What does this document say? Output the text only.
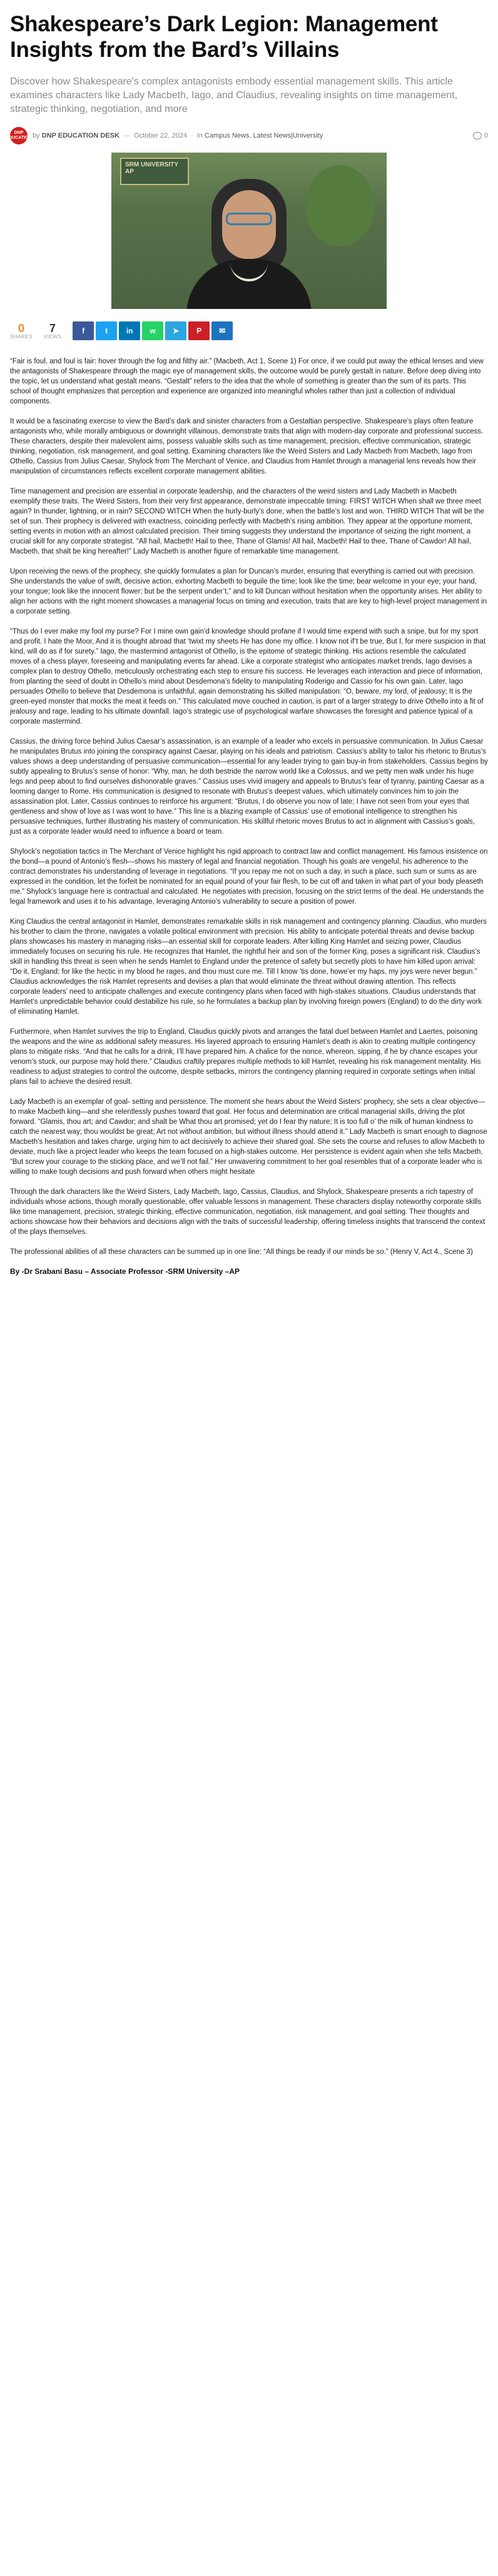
Shakespeare’s Dark Legion: Management Insights from the Bard’s Villains

Discover how Shakespeare's complex antagonists embody essential management skills. This article examines characters like Lady Macbeth, Iago, and Claudius, revealing insights on time management, strategic thinking, negotiation, and more

DNP EDUCATION by
DNP EDUCATION DESK — October 22, 2024 · In
Campus News, Latest News|University	0
SRM UNIVERSITY AP
0
SHARES
7
VIEWS
f	t in w ➤ P ✉

“Fair is foul, and foul is fair: hover through the fog and filthy air.” (Macbeth, Act 1, Scene 1) For once, if we could put away the ethical lenses and view the antagonists of Shakespeare through the magic eye of management skills, the outcome would be purely gestalt in nature. Before deep diving into the topic, let us understand what gestalt means. “Gestalt” refers to the idea that the whole of something is greater than the sum of its parts. This school of thought emphasizes that perception and experience are organized into meaningful wholes rather than just a collection of individual components.

It would be a fascinating exercise to view the Bard’s dark and sinister characters from a Gestaltian perspective. Shakespeare’s plays often feature antagonists who, while morally ambiguous or downright villainous, demonstrate traits that align with modern-day corporate and professional success. These characters, despite their malevolent aims, possess valuable skills such as time management, precision, effective communication, strategic thinking, negotiation, risk management, and goal setting. Examining characters like the Weird Sisters and Lady Macbeth from Macbeth, Iago from Othello, Cassius from Julius Caesar, Shylock from The Merchant of Venice, and Claudius from Hamlet through a managerial lens reveals how their manipulation of circumstances reflects excellent corporate management abilities.

Time management and precision are essential in corporate leadership, and the characters of the weird sisters and Lady Macbeth in Macbeth exemplify these traits. The Weird Sisters, from their very first appearance, demonstrate impeccable timing: FIRST WITCH When shall we three meet again? In thunder, lightning, or in rain? SECOND WITCH When the hurly-burly’s done, when the battle’s lost and won. THIRD WITCH That will be the set of sun. Their prophecy is delivered with exactness, coinciding perfectly with Macbeth’s rising ambition. They appear at the opportune moment, setting events in motion with an almost calculated precision. Their timing suggests they understand the importance of seizing the right moment, a crucial skill for any corporate strategist. “All hail, Macbeth! Hail to thee, Thane of Glamis! All hail, Macbeth! Hail to thee, Thane of Cawdor! All hail, Macbeth, that shalt be king hereafter!” Lady Macbeth is another figure of remarkable time management.

Upon receiving the news of the prophecy, she quickly formulates a plan for Duncan’s murder, ensuring that everything is carried out with precision. She understands the value of swift, decisive action, exhorting Macbeth to beguile the time; look like the time; bear welcome in your eye; your hand, your tongue; look like the innocent flower; but be the serpent under’t,” and to kill Duncan without hesitation when the opportunity arises. Her ability to align her actions with the right moment showcases a managerial focus on timing and execution, traits that are key to high-level project management in a corporate setting.

“Thus do I ever make my fool my purse? For I mine own gain’d knowledge should profane if I would time expend with such a snipe, but for my sport and profit. I hate the Moor, And it is thought abroad that ’twixt my sheets He has done my office. I know not if’t be true, But I, for mere suspicion in that kind, will do as if for surety.” Iago, the mastermind antagonist of Othello, is the epitome of strategic thinking. His actions resemble the calculated moves of a chess player, foreseeing and manipulating events far ahead. Like a corporate strategist who anticipates market trends, Iago devises a complex plan to destroy Othello, meticulously orchestrating each step to ensure his success. He leverages each interaction and piece of information, from planting the seed of doubt in Othello’s mind about Desdemona’s fidelity to manipulating Roderigo and Cassio for his own gain. Later, Iago persuades Othello to believe that Desdemona is unfaithful, again demonstrating his skilled manipulation: “O, beware, my lord, of jealousy; It is the green-eyed monster that mocks the meat it feeds on.” This calculated move couched in caution, is part of a larger strategy to drive Othello into a fit of jealousy and rage, leading to his ultimate downfall. Iago’s strategic use of psychological warfare showcases the foresight and patience typical of a corporate mastermind.

Cassius, the driving force behind Julius Caesar’s assassination, is an example of a leader who excels in persuasive communication. In Julius Caesar he manipulates Brutus into joining the conspiracy against Caesar, playing on his ideals and patriotism. Cassius’s ability to tailor his rhetoric to Brutus’s values shows a deep understanding of persuasive communication—essential for any leader trying to gain buy-in from stakeholders. Cassius begins by subtly appealing to Brutus’s sense of honor: “Why, man, he doth bestride the narrow world like a Colossus, and we petty men walk under his huge legs and peep about to find ourselves dishonorable graves.” Cassius uses vivid imagery and appeals to Brutus’s fear of tyranny, painting Caesar as a looming danger to Rome. His communication is designed to resonate with Brutus’s deepest values, which ultimately convinces him to join the assassination plot. Later, Cassius continues to reinforce his argument: “Brutus, I do observe you now of late; I have not seen from your eyes that gentleness and show of love as I was wont to have.” This line is a blazing example of Cassius’ use of emotional intelligence to strengthen his persuasive techniques, further illustrating his mastery of communication. His skillful rhetoric moves Brutus to act in alignment with Cassius’s goals, just as a corporate leader would need to influence a board or team.

Shylock’s negotiation tactics in The Merchant of Venice highlight his rigid approach to contract law and conflict management. His famous insistence on the bond—a pound of Antonio’s flesh—shows his mastery of legal and financial negotiation. Though his goals are vengeful, his adherence to the contract demonstrates his understanding of leverage in negotiations. “If you repay me not on such a day, in such a place, such sum or sums as are expressed in the condition, let the forfeit be nominated for an equal pound of your fair flesh, to be cut off and taken in what part of your body pleaseth me.” Shylock’s language here is contractual and calculated. He negotiates with precision, focusing on the strict terms of the deal. He understands the legal framework and uses it to his advantage, leveraging Antonio’s vulnerability to secure a position of power.

King Claudius the central antagonist in Hamlet, demonstrates remarkable skills in risk management and contingency planning. Claudius, who murders his brother to claim the throne, navigates a volatile political environment with precision. His ability to anticipate potential threats and devise backup plans showcases his mastery in managing risks—an essential skill for corporate leaders. After killing King Hamlet and seizing power, Claudius immediately focuses on securing his rule. He recognizes that Hamlet, the rightful heir and son of the former King, poses a significant risk. Claudius’s skill in handling this threat is seen when he sends Hamlet to England under the pretence of safety but secretly plots to have him killed upon arrival: “Do it, England; for like the hectic in my blood he rages, and thou must cure me. Till I know ’tis done, howe’er my haps, my joys were never begun.” Claudius acknowledges the risk Hamlet represents and devises a plan that would eliminate the threat without drawing attention. This reflects corporate leaders’ need to anticipate challenges and execute contingency plans when faced with high-stakes situations. Claudius understands that Hamlet’s unpredictable behavior could destabilize his rule, so he formulates a backup plan by involving foreign powers (England) to do the dirty work of eliminating Hamlet.

Furthermore, when Hamlet survives the trip to England, Claudius quickly pivots and arranges the fatal duel between Hamlet and Laertes, poisoning the weapons and the wine as additional safety measures. His layered approach to ensuring Hamlet’s death is akin to creating multiple contingency plans to mitigate risks. “And that he calls for a drink, I’ll have prepared him. A chalice for the nonce, whereon, sipping, if he by chance escapes your venom’s stuck, our purpose may hold there.” Claudius craftily prepares multiple methods to kill Hamlet, revealing his risk management mentality. His readiness to adjust strategies to control the outcome, despite setbacks, mirrors the contingency planning required in corporate settings when initial plans fail to achieve the desired result.

Lady Macbeth is an exemplar of goal- setting and persistence. The moment she hears about the Weird Sisters’ prophecy, she sets a clear objective—to make Macbeth king—and she relentlessly pushes toward that goal. Her focus and determination are critical managerial skills, driving the plot forward. “Glamis, thou art; and Cawdor; and shalt be What thou art promised; yet do I fear thy nature; It is too full o’ the milk of human kindness to catch the nearest way; thou wouldst be great; Art not without ambition, but without illness should attend it.” Lady Macbeth is smart enough to diagnose Macbeth’s hesitation and takes charge, urging him to act decisively to achieve their shared goal. She sets the course and refuses to allow Macbeth to deviate, much like a project leader who keeps the team focused on a high-stakes outcome. Her persistence is evident again when she tells Macbeth, “But screw your courage to the sticking place, and we’ll not fail.” Her unwavering commitment to her goal resembles that of a corporate leader who is willing to make tough decisions and push forward when others might hesitate

Through the dark characters like the Weird Sisters, Lady Macbeth, Iago, Cassius, Claudius, and Shylock, Shakespeare presents a rich tapestry of individuals whose actions, though morally questionable, offer valuable lessons in management. These characters display noteworthy corporate skills like time management, precision, strategic thinking, effective communication, negotiation, risk management, and goal setting. Their thoughts and actions showcase how their behaviors and decisions align with the traits of successful leadership, offering timeless insights that transcend the context of the plays themselves.

The professional abilities of all these characters can be summed up in one line: “All things be ready if our minds be so.” (Henry V, Act 4., Scene 3)

By -Dr Srabani Basu – Associate Professor -SRM University –AP
